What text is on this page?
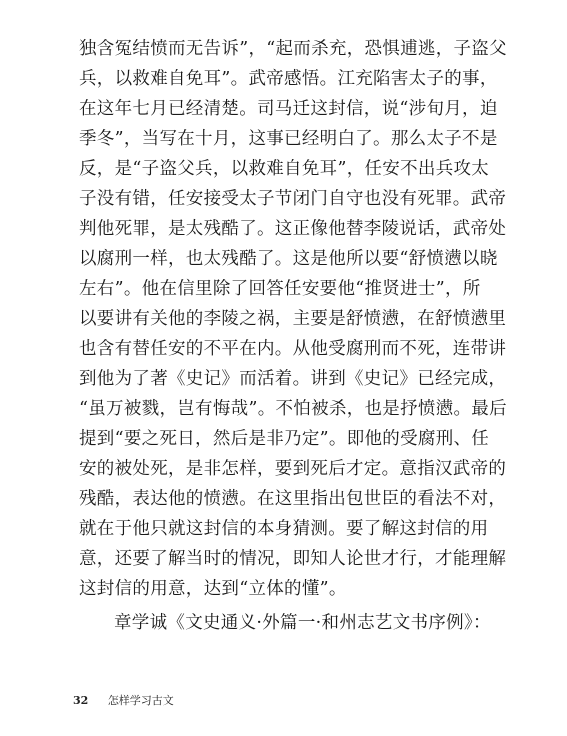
独含冤结愤而无告诉”，“起而杀充，恐惧逋逃，子盗父
兵，以救难自免耳”。武帝感悟。江充陷害太子的事，
在这年七月已经清楚。司马迁这封信，说“涉旬月，迫
季冬”，当写在十月，这事已经明白了。那么太子不是
反，是“子盗父兵，以救难自免耳”，任安不出兵攻太
子没有错，任安接受太子节闭门自守也没有死罪。武帝
判他死罪，是太残酷了。这正像他替李陵说话，武帝处
以腐刑一样，也太残酷了。这是他所以要“舒愤懑以晓
左右”。他在信里除了回答任安要他“推贤进士”，所
以要讲有关他的李陵之祸，主要是舒愤懑，在舒愤懑里
也含有替任安的不平在内。从他受腐刑而不死，连带讲
到他为了著《史记》而活着。讲到《史记》已经完成，
“虽万被戮，岂有悔哉”。不怕被杀，也是抒愤懑。最后
提到“要之死日，然后是非乃定”。即他的受腐刑、任
安的被处死，是非怎样，要到死后才定。意指汉武帝的
残酷，表达他的愤懑。在这里指出包世臣的看法不对，
就在于他只就这封信的本身猜测。要了解这封信的用
意，还要了解当时的情况，即知人论世才行，才能理解
这封信的用意，达到“立体的懂”。
章学诚《文史通义·外篇一·和州志艺文书序例》：
32 怎样学习古文
